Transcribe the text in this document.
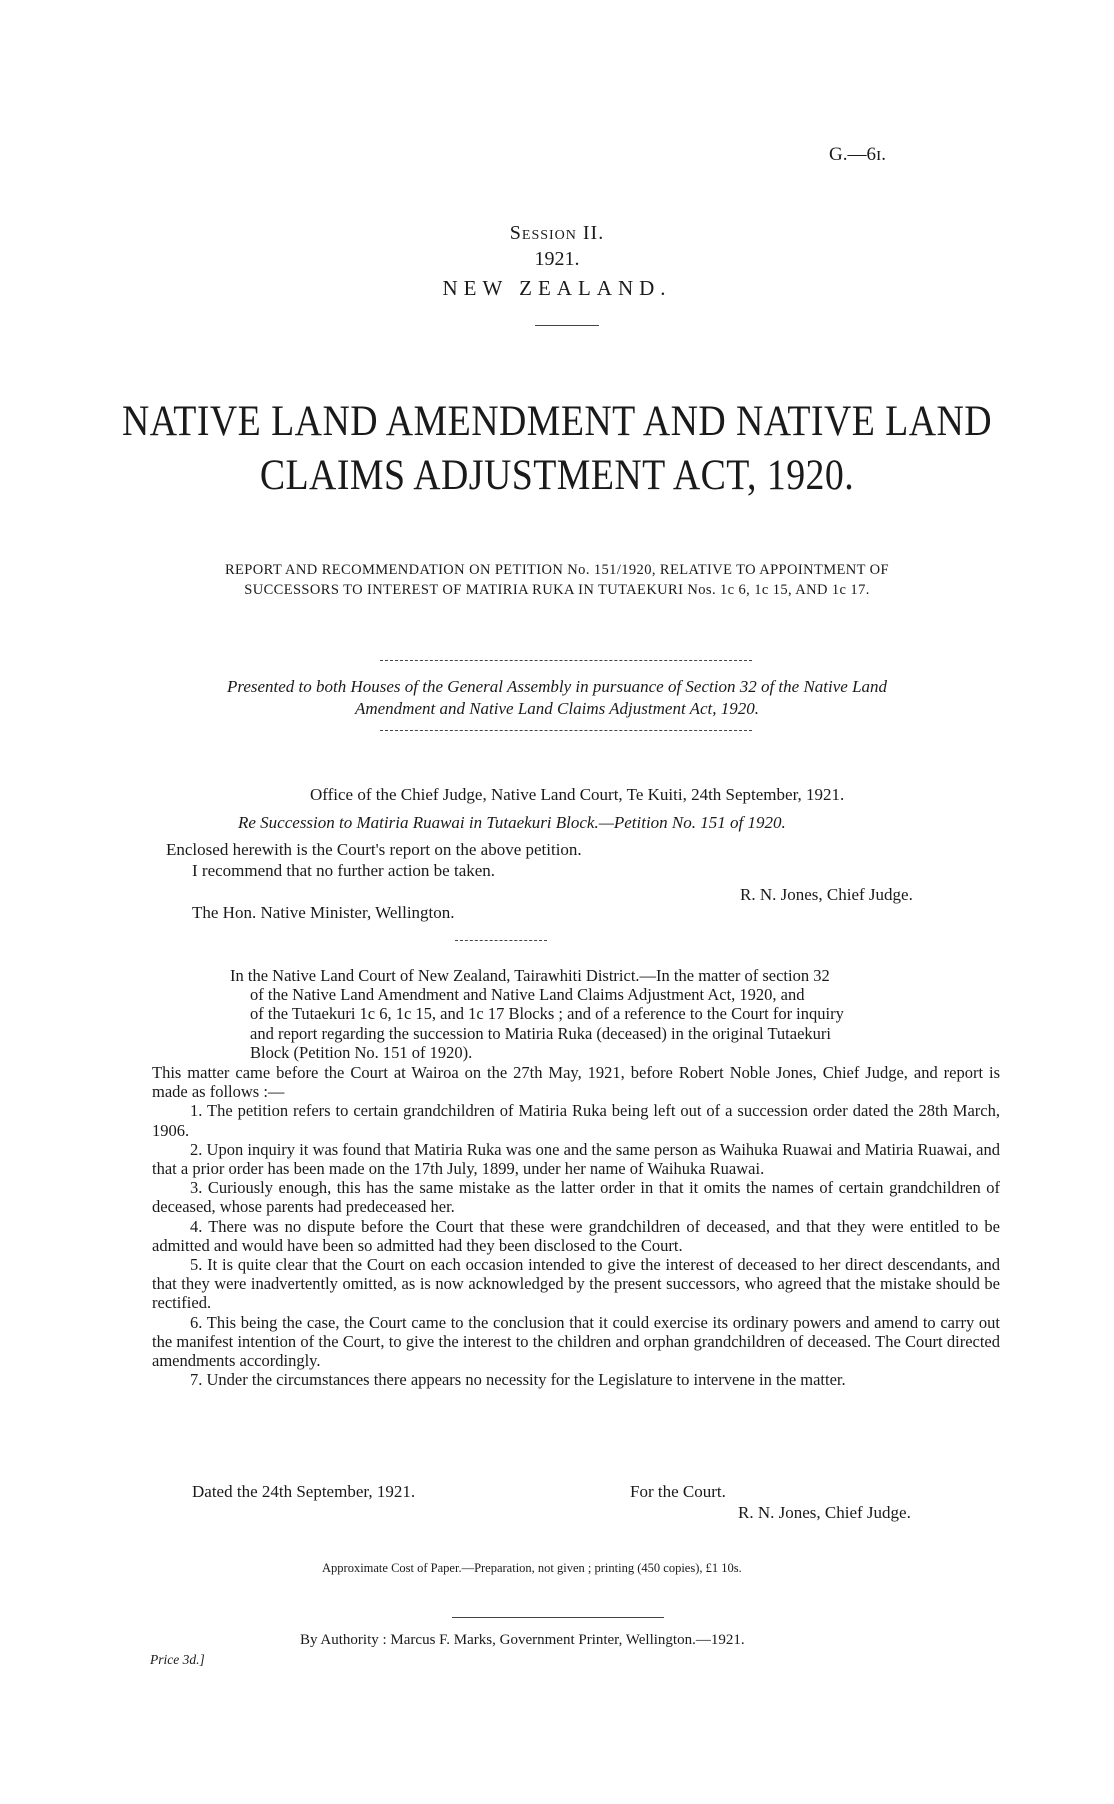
G.—6ɪ.
Session II.
1921.
NEW ZEALAND.
NATIVE LAND AMENDMENT AND NATIVE LAND
CLAIMS ADJUSTMENT ACT, 1920.
REPORT AND RECOMMENDATION ON PETITION No. 151/1920, RELATIVE TO APPOINTMENT OF
SUCCESSORS TO INTEREST OF MATIRIA RUKA IN TUTAEKURI Nos. 1c 6, 1c 15, AND 1c 17.
Presented to both Houses of the General Assembly in pursuance of Section 32 of the Native Land
Amendment and Native Land Claims Adjustment Act, 1920.
Office of the Chief Judge, Native Land Court, Te Kuiti, 24th September, 1921.
Re Succession to Matiria Ruawai in Tutaekuri Block.—Petition No. 151 of 1920.
Enclosed herewith is the Court's report on the above petition.
I recommend that no further action be taken.
R. N. Jones, Chief Judge.
The Hon. Native Minister, Wellington.
In the Native Land Court of New Zealand, Tairawhiti District.—In the matter of section 32
of the Native Land Amendment and Native Land Claims Adjustment Act, 1920, and
of the Tutaekuri 1c 6, 1c 15, and 1c 17 Blocks ; and of a reference to the Court for inquiry
and report regarding the succession to Matiria Ruka (deceased) in the original Tutaekuri
Block (Petition No. 151 of 1920).

This matter came before the Court at Wairoa on the 27th May, 1921, before Robert Noble Jones, Chief Judge, and report is made as follows :—

1. The petition refers to certain grandchildren of Matiria Ruka being left out of a succession order dated the 28th March, 1906.

2. Upon inquiry it was found that Matiria Ruka was one and the same person as Waihuka Ruawai and Matiria Ruawai, and that a prior order has been made on the 17th July, 1899, under her name of Waihuka Ruawai.

3. Curiously enough, this has the same mistake as the latter order in that it omits the names of certain grandchildren of deceased, whose parents had predeceased her.

4. There was no dispute before the Court that these were grandchildren of deceased, and that they were entitled to be admitted and would have been so admitted had they been disclosed to the Court.

5. It is quite clear that the Court on each occasion intended to give the interest of deceased to her direct descendants, and that they were inadvertently omitted, as is now acknowledged by the present successors, who agreed that the mistake should be rectified.

6. This being the case, the Court came to the conclusion that it could exercise its ordinary powers and amend to carry out the manifest intention of the Court, to give the interest to the children and orphan grandchildren of deceased. The Court directed amendments accordingly.

7. Under the circumstances there appears no necessity for the Legislature to intervene in the matter.

Dated the 24th September, 1921.	For the Court.
R. N. Jones, Chief Judge.
Approximate Cost of Paper.—Preparation, not given ; printing (450 copies), £1 10s.
By Authority : Marcus F. Marks, Government Printer, Wellington.—1921.
Price 3d.]
